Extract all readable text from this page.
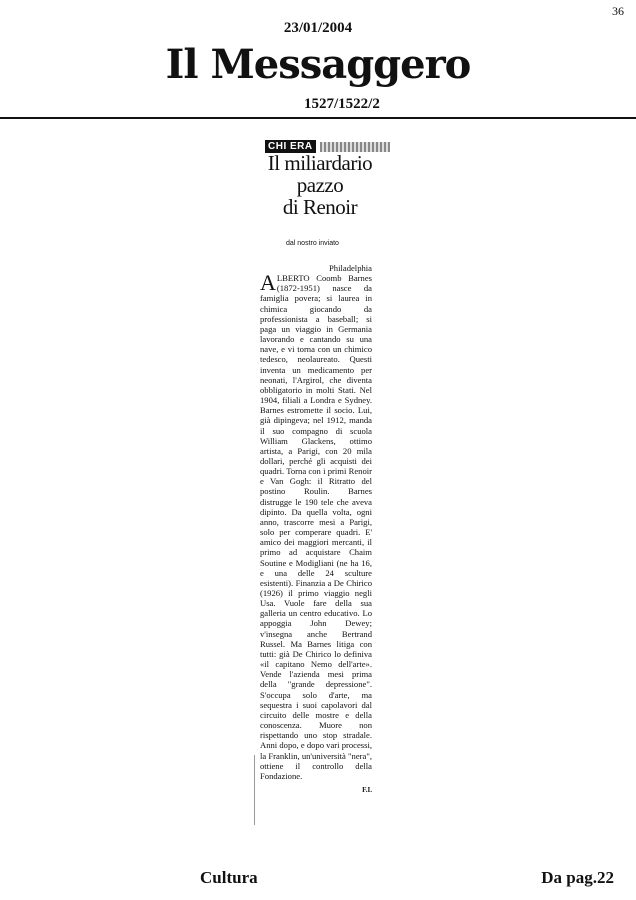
36
23/01/2004
Il Messaggero
1527/1522/2
CHI ERA
Il miliardario
pazzo
di Renoir
dal nostro inviato
Philadelphia
A LBERTO Coomb Barnes (1872-1951) nasce da famiglia povera; si laurea in chimica giocando da professionista a baseball; si paga un viaggio in Germania lavorando e cantando su una nave, e vi torna con un chimico tedesco, neolaureato. Questi inventa un medicamento per neonati, l'Argirol, che diventa obbligatorio in molti Stati. Nel 1904, filiali a Londra e Sydney. Barnes estromette il socio. Lui, già dipingeva; nel 1912, manda il suo compagno di scuola William Glackens, ottimo artista, a Parigi, con 20 mila dollari, perché gli acquisti dei quadri. Torna con i primi Renoir e Van Gogh: il Ritratto del postino Roulin. Barnes distrugge le 190 tele che aveva dipinto. Da quella volta, ogni anno, trascorre mesi a Parigi, solo per comperare quadri. E' amico dei maggiori mercanti, il primo ad acquistare Chaim Soutine e Modigliani (ne ha 16, e una delle 24 sculture esistenti). Finanzia a De Chirico (1926) il primo viaggio negli Usa. Vuole fare della sua galleria un centro educativo. Lo appoggia John Dewey; v'insegna anche Bertrand Russel. Ma Barnes litiga con tutti: già De Chirico lo definiva «il capitano Nemo dell'arte». Vende l'azienda mesi prima della "grande depressione". S'occupa solo d'arte, ma sequestra i suoi capolavori dal circuito delle mostre e della conoscenza. Muore non rispettando uno stop stradale. Anni dopo, e dopo vari processi, la Franklin, un'università "nera", ottiene il controllo della Fondazione.
F.I.
Cultura	Da pag.22
